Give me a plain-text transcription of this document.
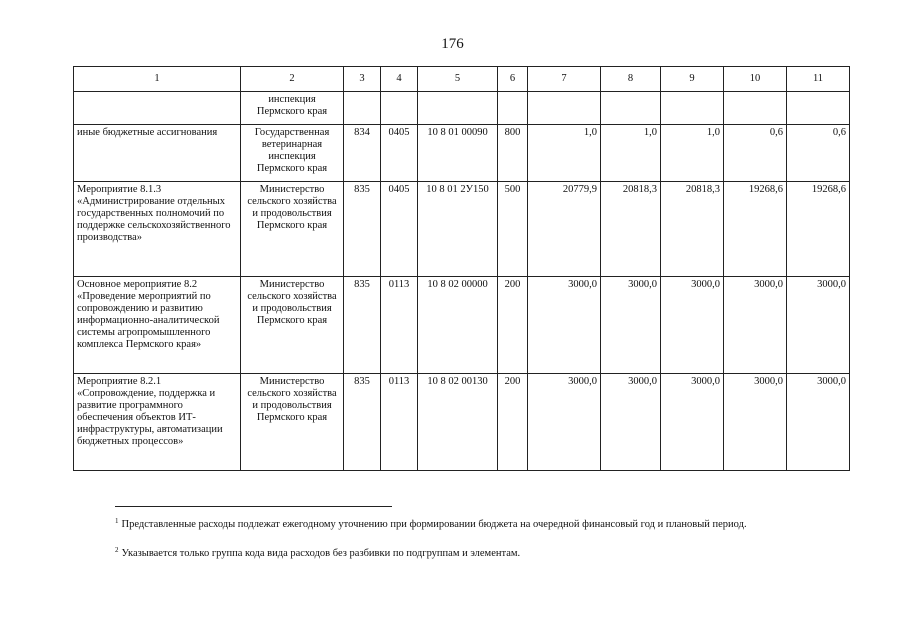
176
1	2	3	4	5	6	7	8	9	10	11
	инспекция Пермского края									
иные бюджетные ассигнования	Государственная ветеринарная инспекция Пермского края	834	0405	10 8 01 00090	800	1,0	1,0	1,0	0,6	0,6
Мероприятие 8.1.3 «Администрирование отдельных государственных полномочий по поддержке сельскохозяйственного производства»	Министерство сельского хозяйства и продовольствия Пермского края	835	0405	10 8 01 2У150	500	20779,9	20818,3	20818,3	19268,6	19268,6
Основное мероприятие 8.2 «Проведение мероприятий по сопровождению и развитию информационно-аналитической системы агропромышленного комплекса Пермского края»	Министерство сельского хозяйства и продовольствия Пермского края	835	0113	10 8 02 00000	200	3000,0	3000,0	3000,0	3000,0	3000,0
Мероприятие 8.2.1 «Сопровождение, поддержка и развитие программного обеспечения объектов ИТ-инфраструктуры, автоматизации бюджетных процессов»	Министерство сельского хозяйства и продовольствия Пермского края	835	0113	10 8 02 00130	200	3000,0	3000,0	3000,0	3000,0	3000,0
$^1$ Представленные расходы подлежат ежегодному уточнению при формировании бюджета на очередной финансовый год и плановый период.
$^2$ Указывается только группа кода вида расходов без разбивки по подгруппам и элементам.
